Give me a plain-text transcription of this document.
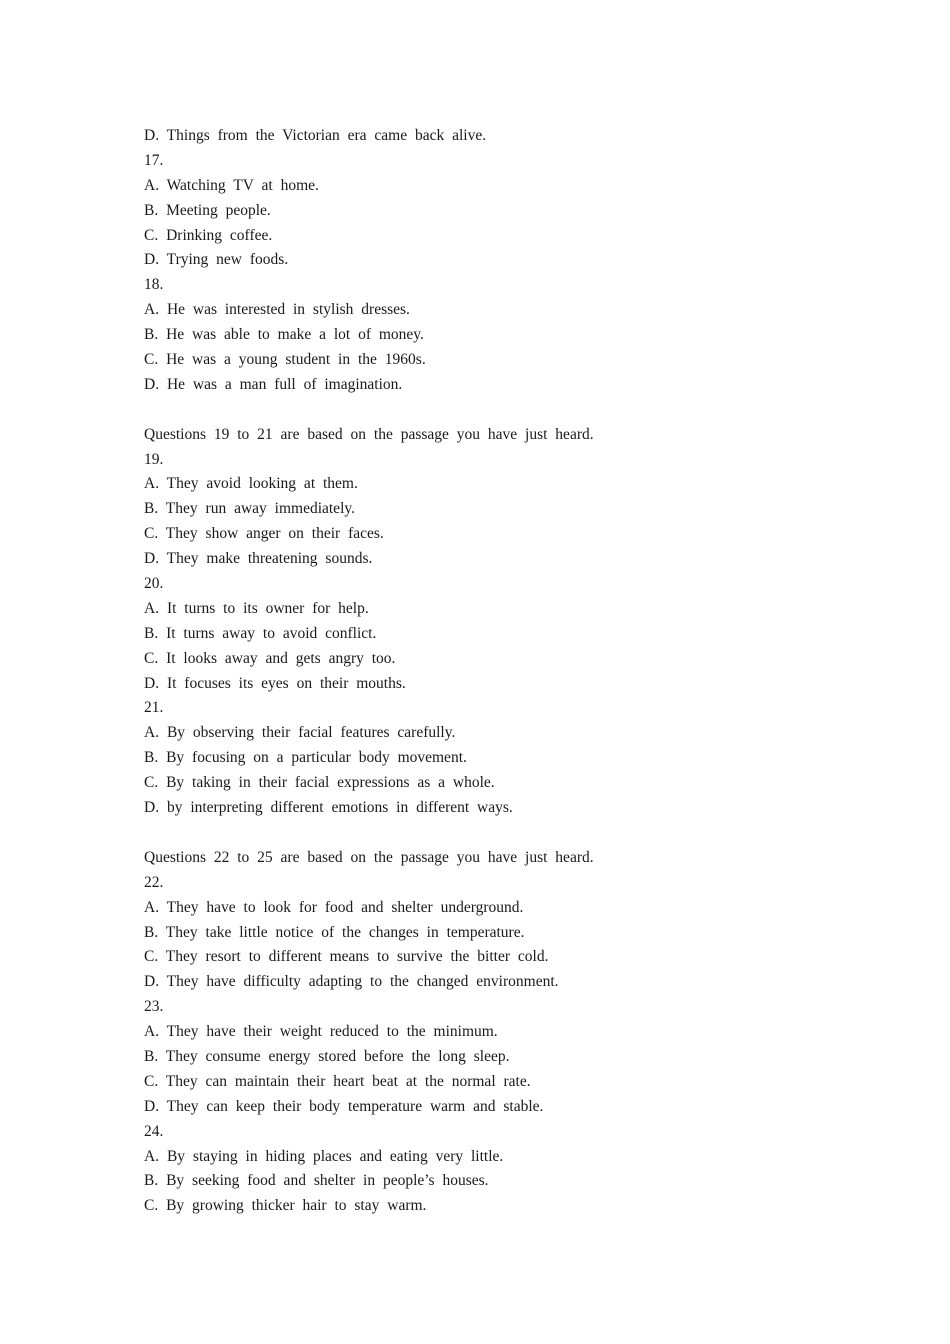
D. Things from the Victorian era came back alive.
17.
A. Watching TV at home.
B. Meeting people.
C. Drinking coffee.
D. Trying new foods.
18.
A. He was interested in stylish dresses.
B. He was able to make a lot of money.
C. He was a young student in the 1960s.
D. He was a man full of imagination.
Questions 19 to 21 are based on the passage you have just heard.
19.
A. They avoid looking at them.
B. They run away immediately.
C. They show anger on their faces.
D. They make threatening sounds.
20.
A. It turns to its owner for help.
B. It turns away to avoid conflict.
C. It looks away and gets angry too.
D. It focuses its eyes on their mouths.
21.
A. By observing their facial features carefully.
B. By focusing on a particular body movement.
C. By taking in their facial expressions as a whole.
D. by interpreting different emotions in different ways.
Questions 22 to 25 are based on the passage you have just heard.
22.
A. They have to look for food and shelter underground.
B. They take little notice of the changes in temperature.
C. They resort to different means to survive the bitter cold.
D. They have difficulty adapting to the changed environment.
23.
A. They have their weight reduced to the minimum.
B. They consume energy stored before the long sleep.
C. They can maintain their heart beat at the normal rate.
D. They can keep their body temperature warm and stable.
24.
A. By staying in hiding places and eating very little.
B. By seeking food and shelter in people’s houses.
C. By growing thicker hair to stay warm.
